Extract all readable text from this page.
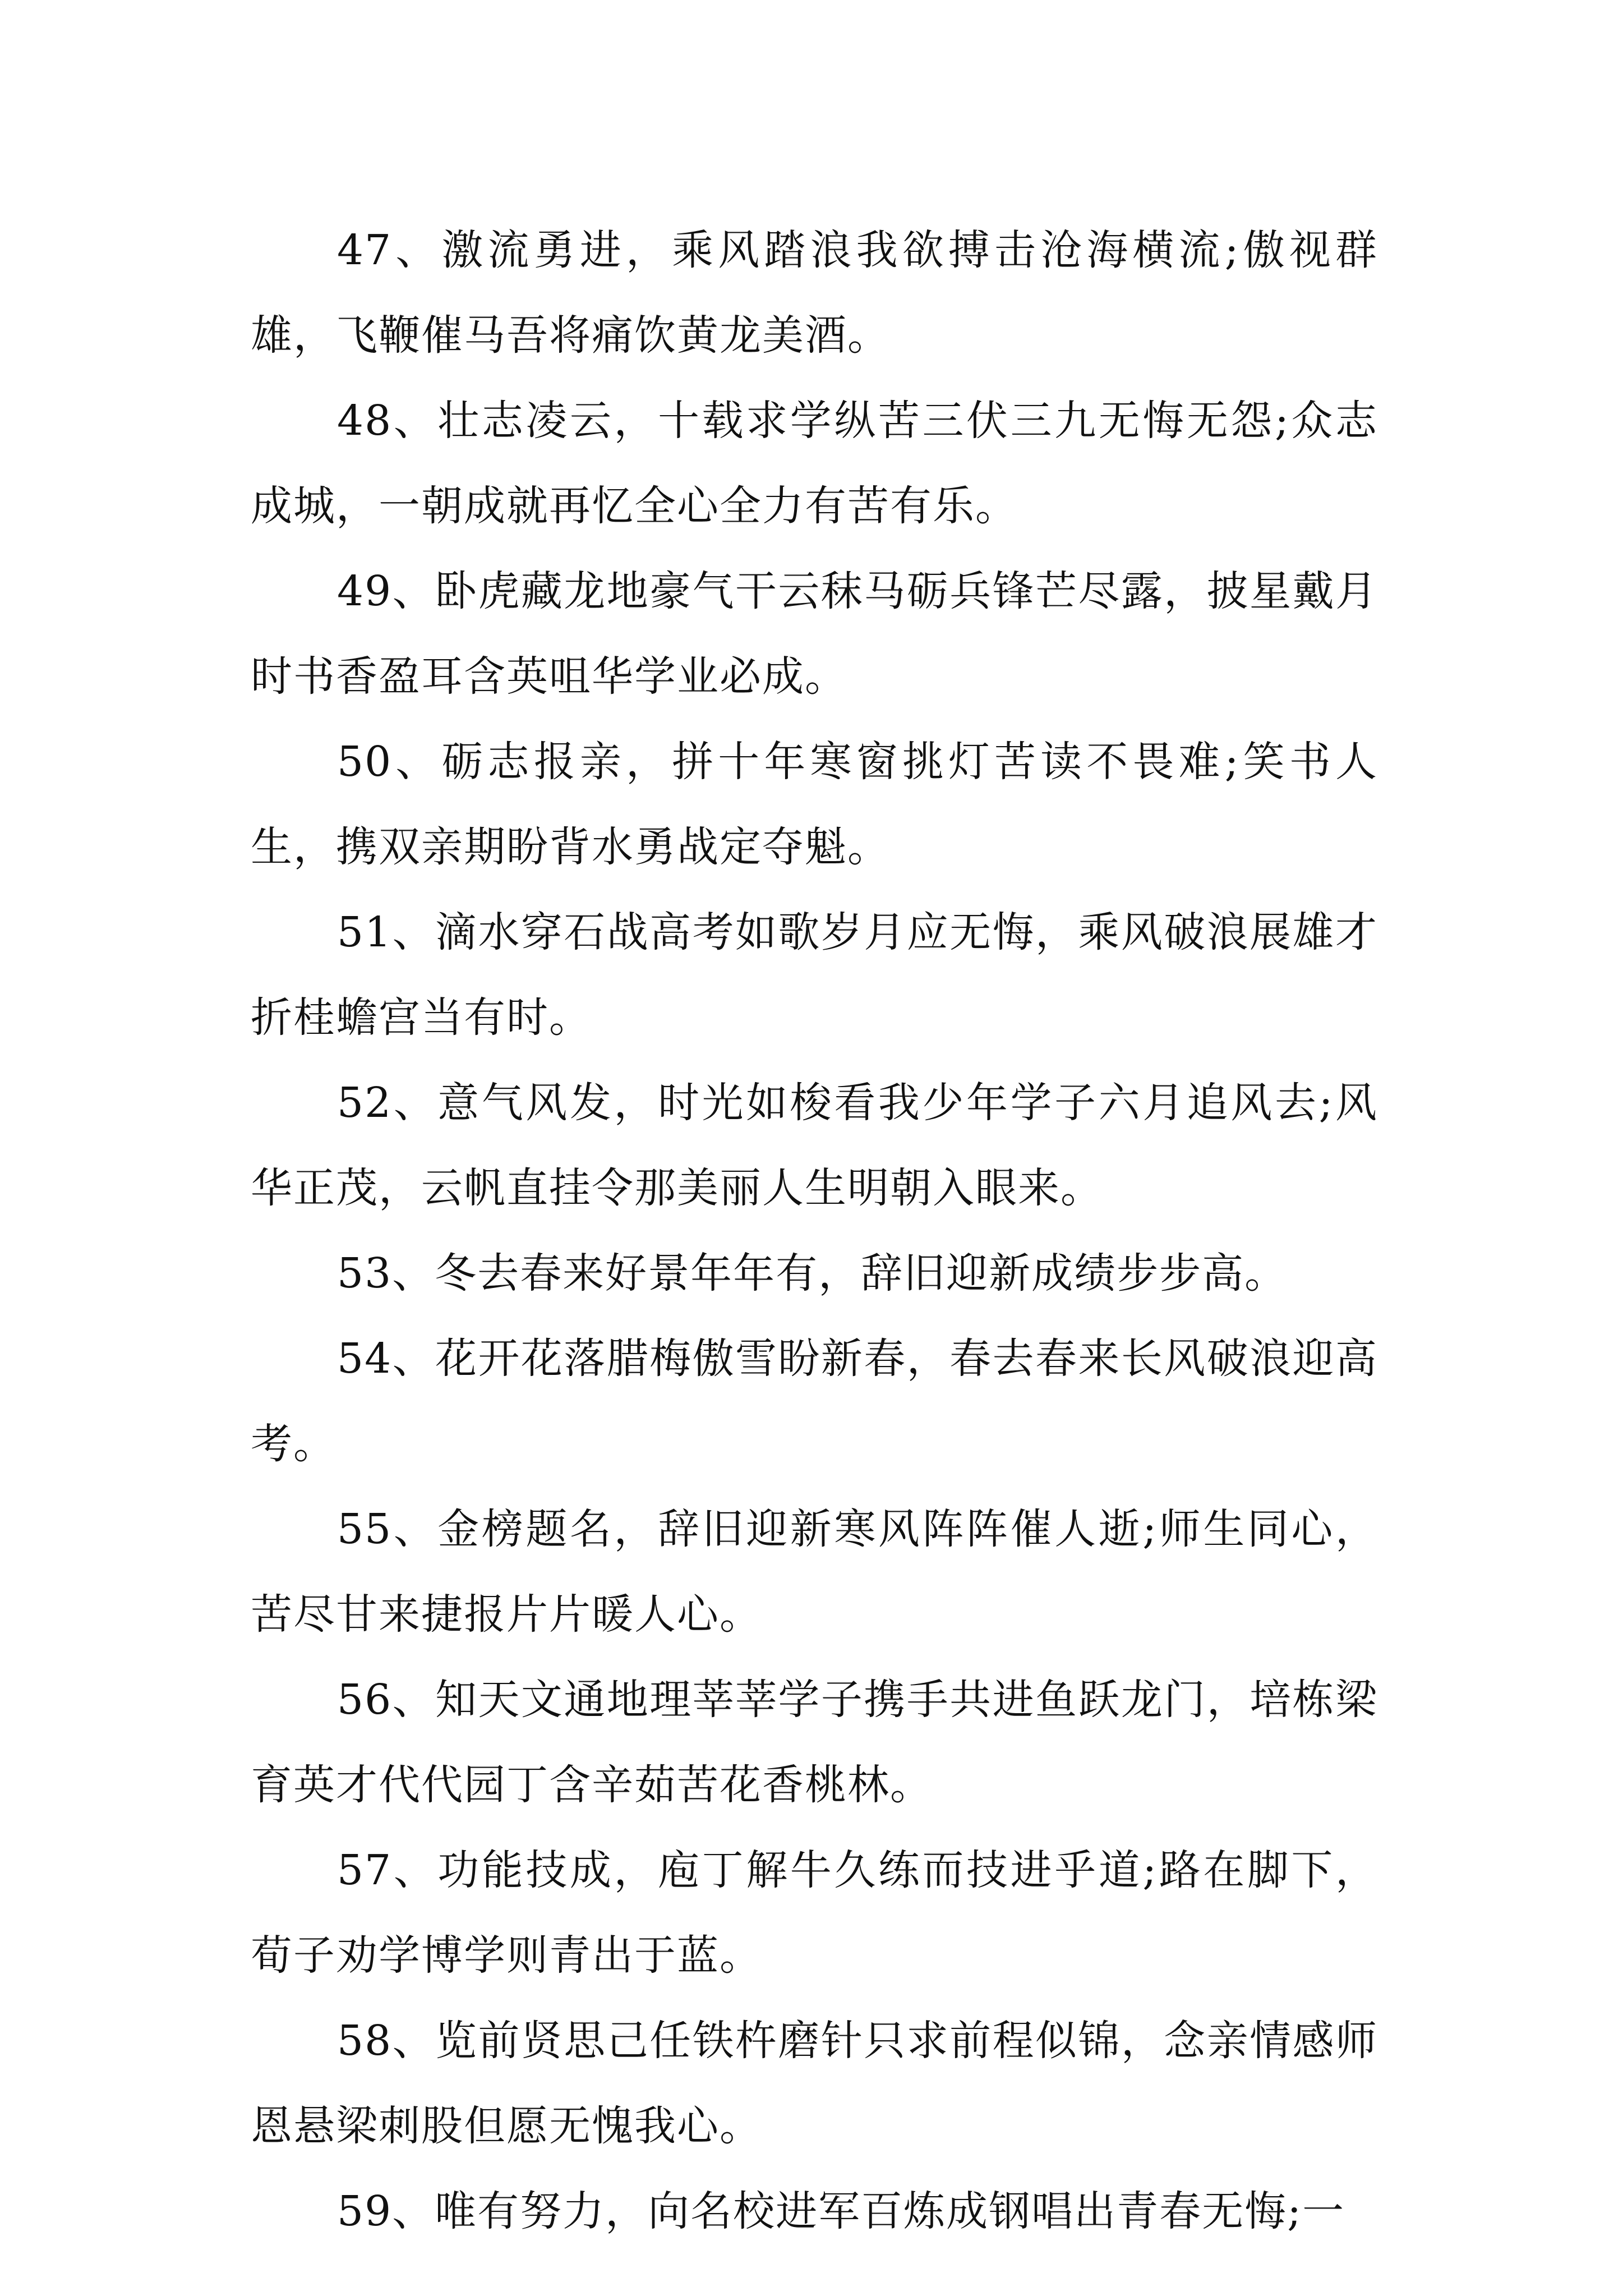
47、激流勇进，乘风踏浪我欲搏击沧海横流;傲视群雄，飞鞭催马吾将痛饮黄龙美酒。

48、壮志凌云，十载求学纵苦三伏三九无悔无怨;众志成城，一朝成就再忆全心全力有苦有乐。

49、卧虎藏龙地豪气干云秣马砺兵锋芒尽露，披星戴月时书香盈耳含英咀华学业必成。

50、砺志报亲，拼十年寒窗挑灯苦读不畏难;笑书人生，携双亲期盼背水勇战定夺魁。

51、滴水穿石战高考如歌岁月应无悔，乘风破浪展雄才折桂蟾宫当有时。

52、意气风发，时光如梭看我少年学子六月追风去;风华正茂，云帆直挂令那美丽人生明朝入眼来。

53、冬去春来好景年年有，辞旧迎新成绩步步高。

54、花开花落腊梅傲雪盼新春，春去春来长风破浪迎高考。

55、金榜题名，辞旧迎新寒风阵阵催人逝;师生同心，苦尽甘来捷报片片暖人心。

56、知天文通地理莘莘学子携手共进鱼跃龙门，培栋梁育英才代代园丁含辛茹苦花香桃林。

57、功能技成，庖丁解牛久练而技进乎道;路在脚下，荀子劝学博学则青出于蓝。

58、览前贤思己任铁杵磨针只求前程似锦，念亲情感师恩悬梁刺股但愿无愧我心。

59、唯有努力，向名校进军百炼成钢唱出青春无悔;一
